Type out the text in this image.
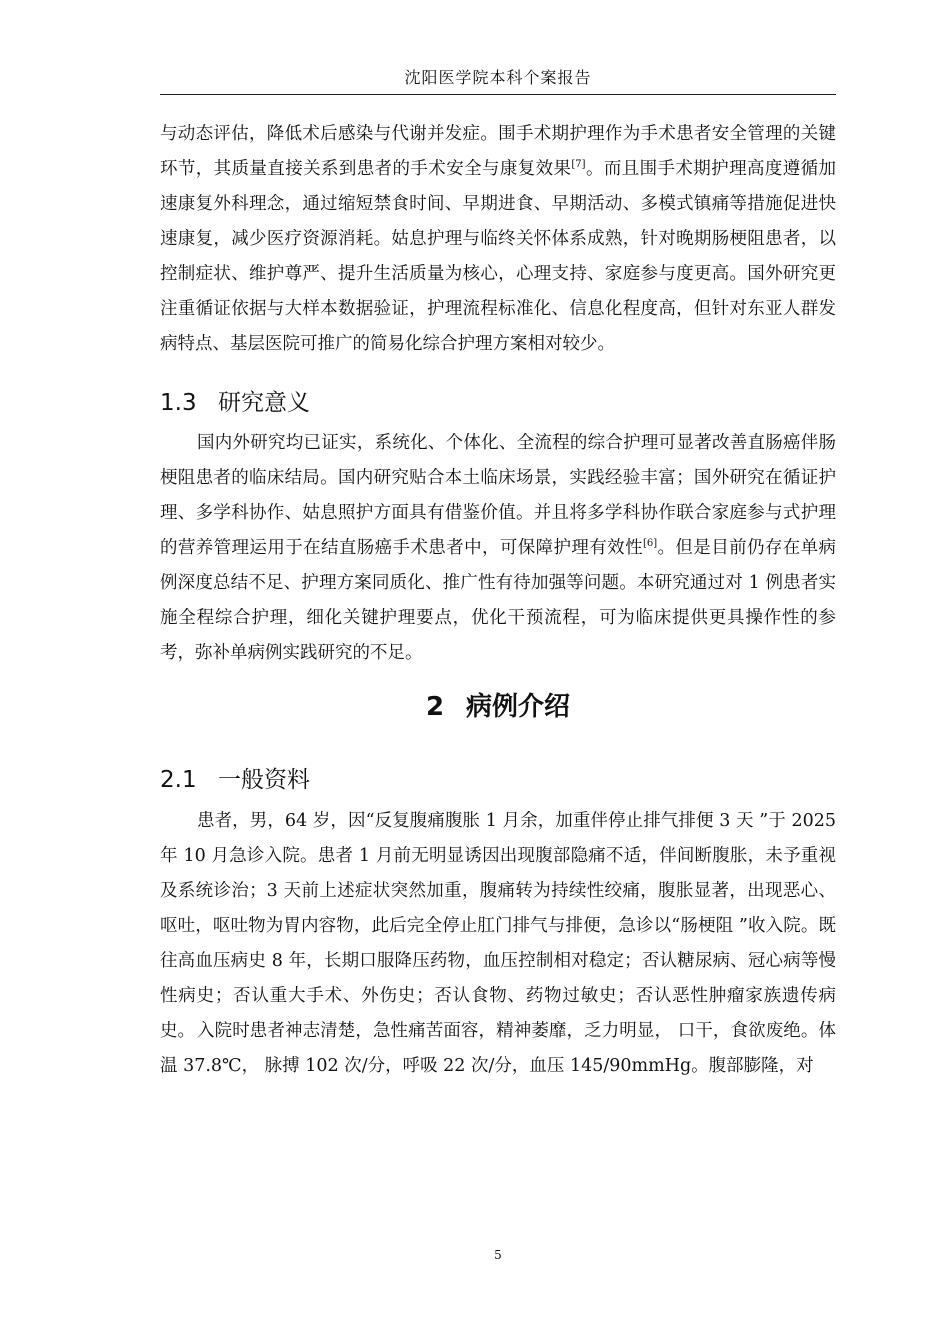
沈阳医学院本科个案报告

与动态评估，降低术后感染与代谢并发症。围手术期护理作为手术患者安全管理的关键环节，其质量直接关系到患者的手术安全与康复效果[7]。而且围手术期护理高度遵循加速康复外科理念，通过缩短禁食时间、早期进食、早期活动、多模式镇痛等措施促进快速康复，减少医疗资源消耗。姑息护理与临终关怀体系成熟，针对晚期肠梗阻患者，以控制症状、维护尊严、提升生活质量为核心，心理支持、家庭参与度更高。国外研究更注重循证依据与大样本数据验证，护理流程标准化、信息化程度高，但针对东亚人群发病特点、基层医院可推广的简易化综合护理方案相对较少。

1.3 研究意义

国内外研究均已证实，系统化、个体化、全流程的综合护理可显著改善直肠癌伴肠梗阻患者的临床结局。国内研究贴合本土临床场景，实践经验丰富；国外研究在循证护理、多学科协作、姑息照护方面具有借鉴价值。并且将多学科协作联合家庭参与式护理的营养管理运用于在结直肠癌手术患者中，可保障护理有效性[6]。但是目前仍存在单病例深度总结不足、护理方案同质化、推广性有待加强等问题。本研究通过对 1 例患者实施全程综合护理，细化关键护理要点，优化干预流程，可为临床提供更具操作性的参考，弥补单病例实践研究的不足。

2 病例介绍
2.1 一般资料

患者，男，64 岁，因“反复腹痛腹胀 1 月余，加重伴停止排气排便 3 天 ”于 2025 年 10 月急诊入院。患者 1 月前无明显诱因出现腹部隐痛不适，伴间断腹胀，未予重视及系统诊治；3 天前上述症状突然加重，腹痛转为持续性绞痛，腹胀显著，出现恶心、呕吐，呕吐物为胃内容物，此后完全停止肛门排气与排便，急诊以“肠梗阻 ”收入院。既往高血压病史 8 年，长期口服降压药物，血压控制相对稳定；否认糖尿病、冠心病等慢性病史；否认重大手术、外伤史；否认食物、药物过敏史；否认恶性肿瘤家族遗传病史。 入院时患者神志清楚，急性痛苦面容，精神萎靡，乏力明显， 口干，食欲废绝。体温 37.8℃， 脉搏 102 次/分，呼吸 22 次/分，血压 145/90mmHg。腹部膨隆，对

5
